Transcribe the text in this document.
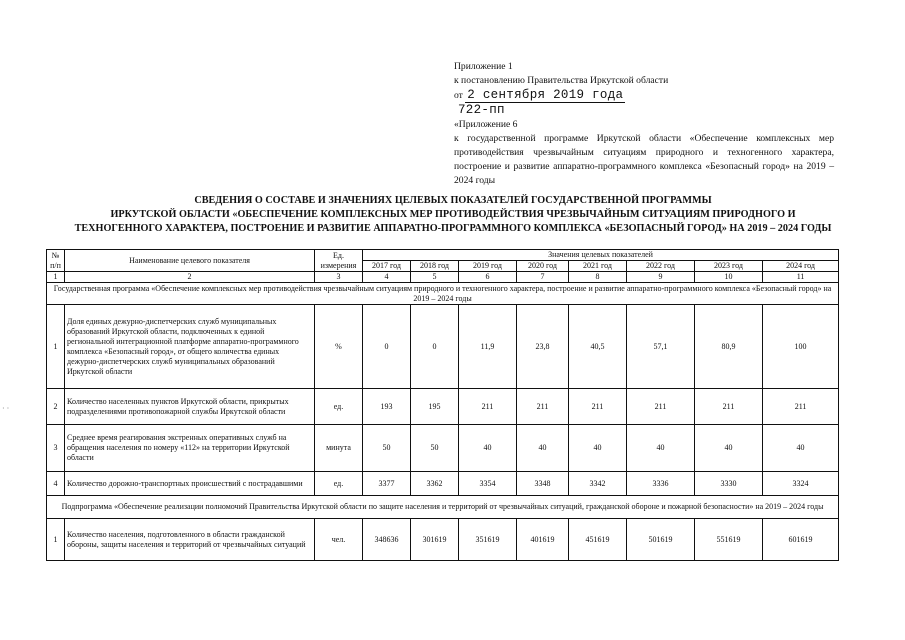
Приложение 1
к постановлению Правительства Иркутской области
от 2 сентября 2019 года
722-пп
«Приложение 6
к государственной программе Иркутской области «Обеспечение комплексных мер противодействия чрезвычайным ситуациям природного и техногенного характера, построение и развитие аппаратно-программного комплекса «Безопасный город» на 2019 – 2024 годы
СВЕДЕНИЯ О СОСТАВЕ И ЗНАЧЕНИЯХ ЦЕЛЕВЫХ ПОКАЗАТЕЛЕЙ ГОСУДАРСТВЕННОЙ ПРОГРАММЫ
ИРКУТСКОЙ ОБЛАСТИ «ОБЕСПЕЧЕНИЕ КОМПЛЕКСНЫХ МЕР ПРОТИВОДЕЙСТВИЯ ЧРЕЗВЫЧАЙНЫМ СИТУАЦИЯМ ПРИРОДНОГО И
ТЕХНОГЕННОГО ХАРАКТЕРА, ПОСТРОЕНИЕ И РАЗВИТИЕ АППАРАТНО-ПРОГРАММНОГО КОМПЛЕКСА «БЕЗОПАСНЫЙ ГОРОД» НА 2019 – 2024 ГОДЫ
· ·
№ п/п	Наименование целевого показателя	Ед. измерения	Значения целевых показателей							
			2017 год	2018 год	2019 год	2020 год	2021 год	2022 год	2023 год	2024 год
1	2	3	4	5	6	7	8	9	10	11
Государственная программа «Обеспечение комплексных мер противодействия чрезвычайным ситуациям природного и техногенного характера, построение и развитие аппаратно-программного комплекса «Безопасный город» на 2019 – 2024 годы										
1	Доля единых дежурно-диспетчерских служб муниципальных образований Иркутской области, подключенных к единой региональной интеграционной платформе аппаратно-программного комплекса «Безопасный город», от общего количества единых дежурно-диспетчерских служб муниципальных образований Иркутской области	%	0	0	11,9	23,8	40,5	57,1	80,9	100
2	Количество населенных пунктов Иркутской области, прикрытых подразделениями противопожарной службы Иркутской области	ед.	193	195	211	211	211	211	211	211
3	Среднее время реагирования экстренных оперативных служб на обращения населения по номеру «112» на территории Иркутской области	минута	50	50	40	40	40	40	40	40
4	Количество дорожно-транспортных происшествий с пострадавшими	ед.	3377	3362	3354	3348	3342	3336	3330	3324
Подпрограмма «Обеспечение реализации полномочий Правительства Иркутской области по защите населения и территорий от чрезвычайных ситуаций, гражданской обороне и пожарной безопасности» на 2019 – 2024 годы										
1	Количество населения, подготовленного в области гражданской обороны, защиты населения и территорий от чрезвычайных ситуаций	чел.	348636	301619	351619	401619	451619	501619	551619	601619
